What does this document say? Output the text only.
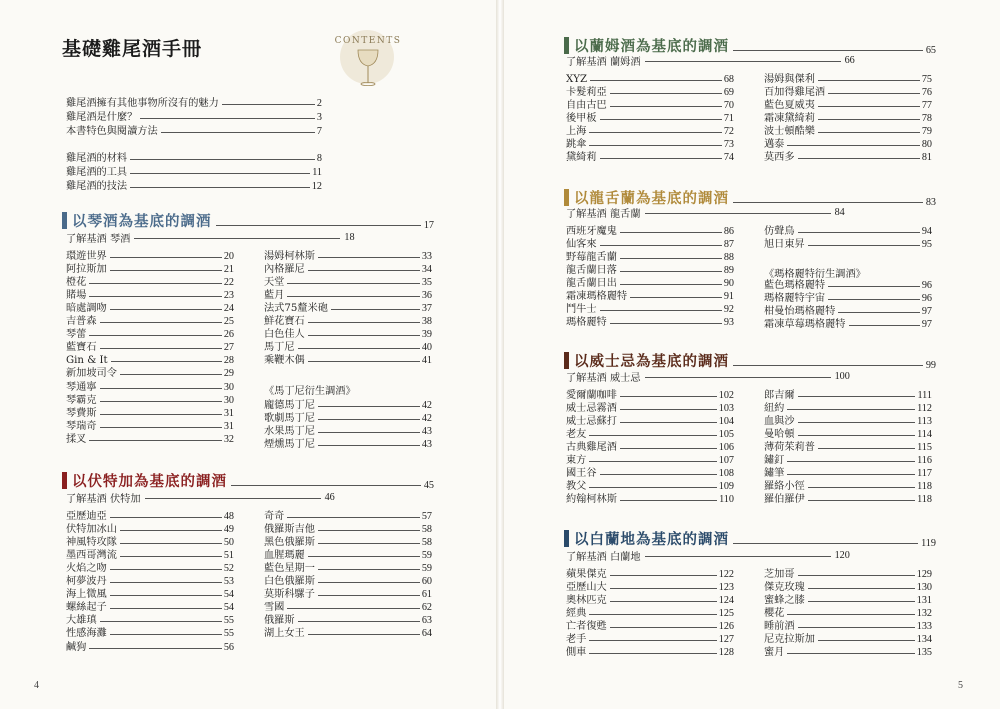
基礎雞尾酒手冊	CONTENTS
雞尾酒擁有其他事物所沒有的魅力	2
雞尾酒是什麼？	3
本書特色與閱讀方法	7
雞尾酒的材料	8
雞尾酒的工具	11
雞尾酒的技法	12
以琴酒為基底的調酒	17
了解基酒 琴酒	18
環遊世界	20
阿拉斯加	21
橙花	22
賭場	23
暗處調吻	24
吉普森	25
琴蕾	26
藍寶石	27
Gin & It	28
新加坡司令	29
琴通寧	30
琴霸克	30
琴費斯	31
琴瑞奇	31
揉叉	32
湯姆柯林斯	33
內格羅尼	34
天堂	35
藍月	36
法式75釐米砲	37
鮮花寶石	38
白色佳人	39
馬丁尼	40
乘鞭木偶	41
《馬丁尼衍生調酒》
龐德馬丁尼	42
歌劇馬丁尼	42
水果馬丁尼	43
煙燻馬丁尼	43
以伏特加為基底的調酒	45
了解基酒 伏特加	46
亞歷迪亞	48
伏特加冰山	49
神風特攻隊	50
墨西哥灣流	51
火焰之吻	52
柯夢波丹	53
海上微風	54
螺絲起子	54
大雄瑱	55
性感海灘	55
鹹狗	56
奇奇	57
俄羅斯吉他	58
黑色俄羅斯	58
血腥瑪麗	59
藍色星期一	59
白色俄羅斯	60
莫斯科騾子	61
雪國	62
俄羅斯	63
湖上女王	64
4
以蘭姆酒為基底的調酒	65
了解基酒 蘭姆酒	66
XYZ	68
卡髮莉亞	69
自由古巴	70
後甲板	71
上海	72
跳傘	73
黛綺莉	74
湯姆與傑利	75
百加得雞尾酒	76
藍色夏威夷	77
霜凍黛綺莉	78
波士頓酷樂	79
邁泰	80
莫西多	81
以龍舌蘭為基底的調酒	83
了解基酒 龍舌蘭	84
西班牙魔鬼	86
仙客來	87
野莓龍舌蘭	88
龍舌蘭日落	89
龍舌蘭日出	90
霜凍瑪格麗特	91
鬥牛士	92
瑪格麗特	93
仿聲鳥	94
旭日東昇	95
《瑪格麗特衍生調酒》
藍色瑪格麗特	96
瑪格麗特宇宙	96
柑曼怡瑪格麗特	97
霜凍草莓瑪格麗特	97
以威士忌為基底的調酒	99
了解基酒 威士忌	100
愛爾蘭咖啡	102
威士忌霧酒	103
威士忌蘇打	104
老友	105
古典雞尾酒	106
東方	107
國王谷	108
教父	109
約翰柯林斯	110
郎吉爾	111
紐約	112
血與沙	113
曼哈頓	114
薄荷茱莉普	115
鏽釘	116
鏽筆	117
羅絡小徑	118
羅伯羅伊	118
以白蘭地為基底的調酒	119
了解基酒 白蘭地	120
蘋果傑克	122
亞歷山大	123
奧林匹克	124
經典	125
亡者復甦	126
老手	127
側車	128
芝加哥	129
傑克玫瑰	130
蜜蜂之膝	131
櫻花	132
睡前酒	133
尼克拉斯加	134
蜜月	135
5
